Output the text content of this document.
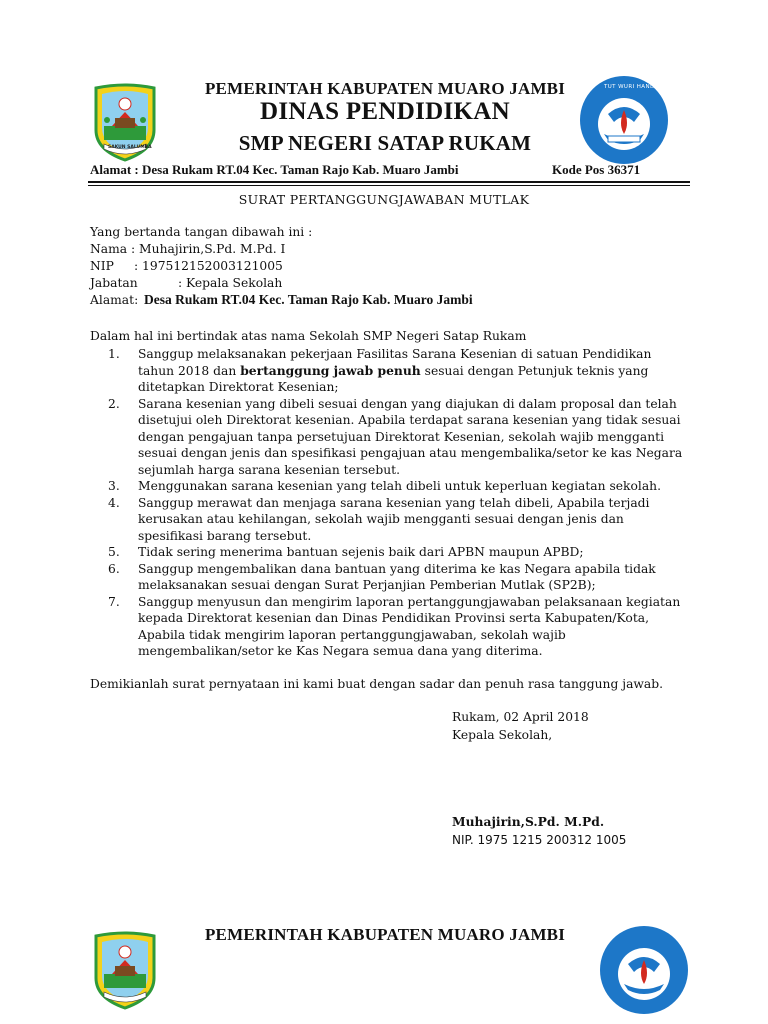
SAKUN SALUMBA
TUT WURI HANDAYANI
PEMERINTAH KABUPATEN MUARO JAMBI
DINAS PENDIDIKAN
SMP NEGERI SATAP RUKAM
Alamat : Desa Rukam RT.04 Kec. Taman Rajo Kab. Muaro Jambi	Kode Pos 36371
SURAT PERTANGGUNGJAWABAN MUTLAK
Yang bertanda tangan dibawah ini :
Nama : Muhajirin,S.Pd. M.Pd. I
NIP : 197512152003121005
Jabatan	: Kepala Sekolah
Alamat: Desa Rukam RT.04 Kec. Taman Rajo Kab. Muaro Jambi
Dalam hal ini bertindak atas nama Sekolah SMP Negeri Satap Rukam
1.	Sanggup melaksanakan pekerjaan Fasilitas Sarana Kesenian di satuan Pendidikan tahun 2018 dan bertanggung jawab penuh sesuai dengan Petunjuk teknis yang ditetapkan Direktorat Kesenian;
2.	Sarana kesenian yang dibeli sesuai dengan yang diajukan di dalam proposal dan telah disetujui oleh Direktorat kesenian. Apabila terdapat sarana kesenian yang tidak sesuai dengan pengajuan tanpa persetujuan Direktorat Kesenian, sekolah wajib mengganti sesuai dengan jenis dan spesifikasi pengajuan atau mengembalika/setor ke kas Negara sejumlah harga sarana kesenian tersebut.
3.	Menggunakan sarana kesenian yang telah dibeli untuk keperluan kegiatan sekolah.
4.	Sanggup merawat dan menjaga sarana kesenian yang telah dibeli, Apabila terjadi kerusakan atau kehilangan, sekolah wajib mengganti sesuai dengan jenis dan spesifikasi barang tersebut.
5.	Tidak sering menerima bantuan sejenis baik dari APBN maupun APBD;
6.	Sanggup mengembalikan dana bantuan yang diterima ke kas Negara apabila tidak melaksanakan sesuai dengan Surat Perjanjian Pemberian Mutlak (SP2B);
7.	Sanggup menyusun dan mengirim laporan pertanggungjawaban pelaksanaan kegiatan kepada Direktorat kesenian dan Dinas Pendidikan Provinsi serta Kabupaten/Kota, Apabila tidak mengirim laporan pertanggungjawaban, sekolah wajib mengembalikan/setor ke Kas Negara semua dana yang diterima.
Demikianlah surat pernyataan ini kami buat dengan sadar dan penuh rasa tanggung jawab.
Rukam, 02 April 2018
Kepala Sekolah,
Muhajirin,S.Pd. M.Pd.
NIP. 1975 1215 200312 1005
PEMERINTAH KABUPATEN MUARO JAMBI
